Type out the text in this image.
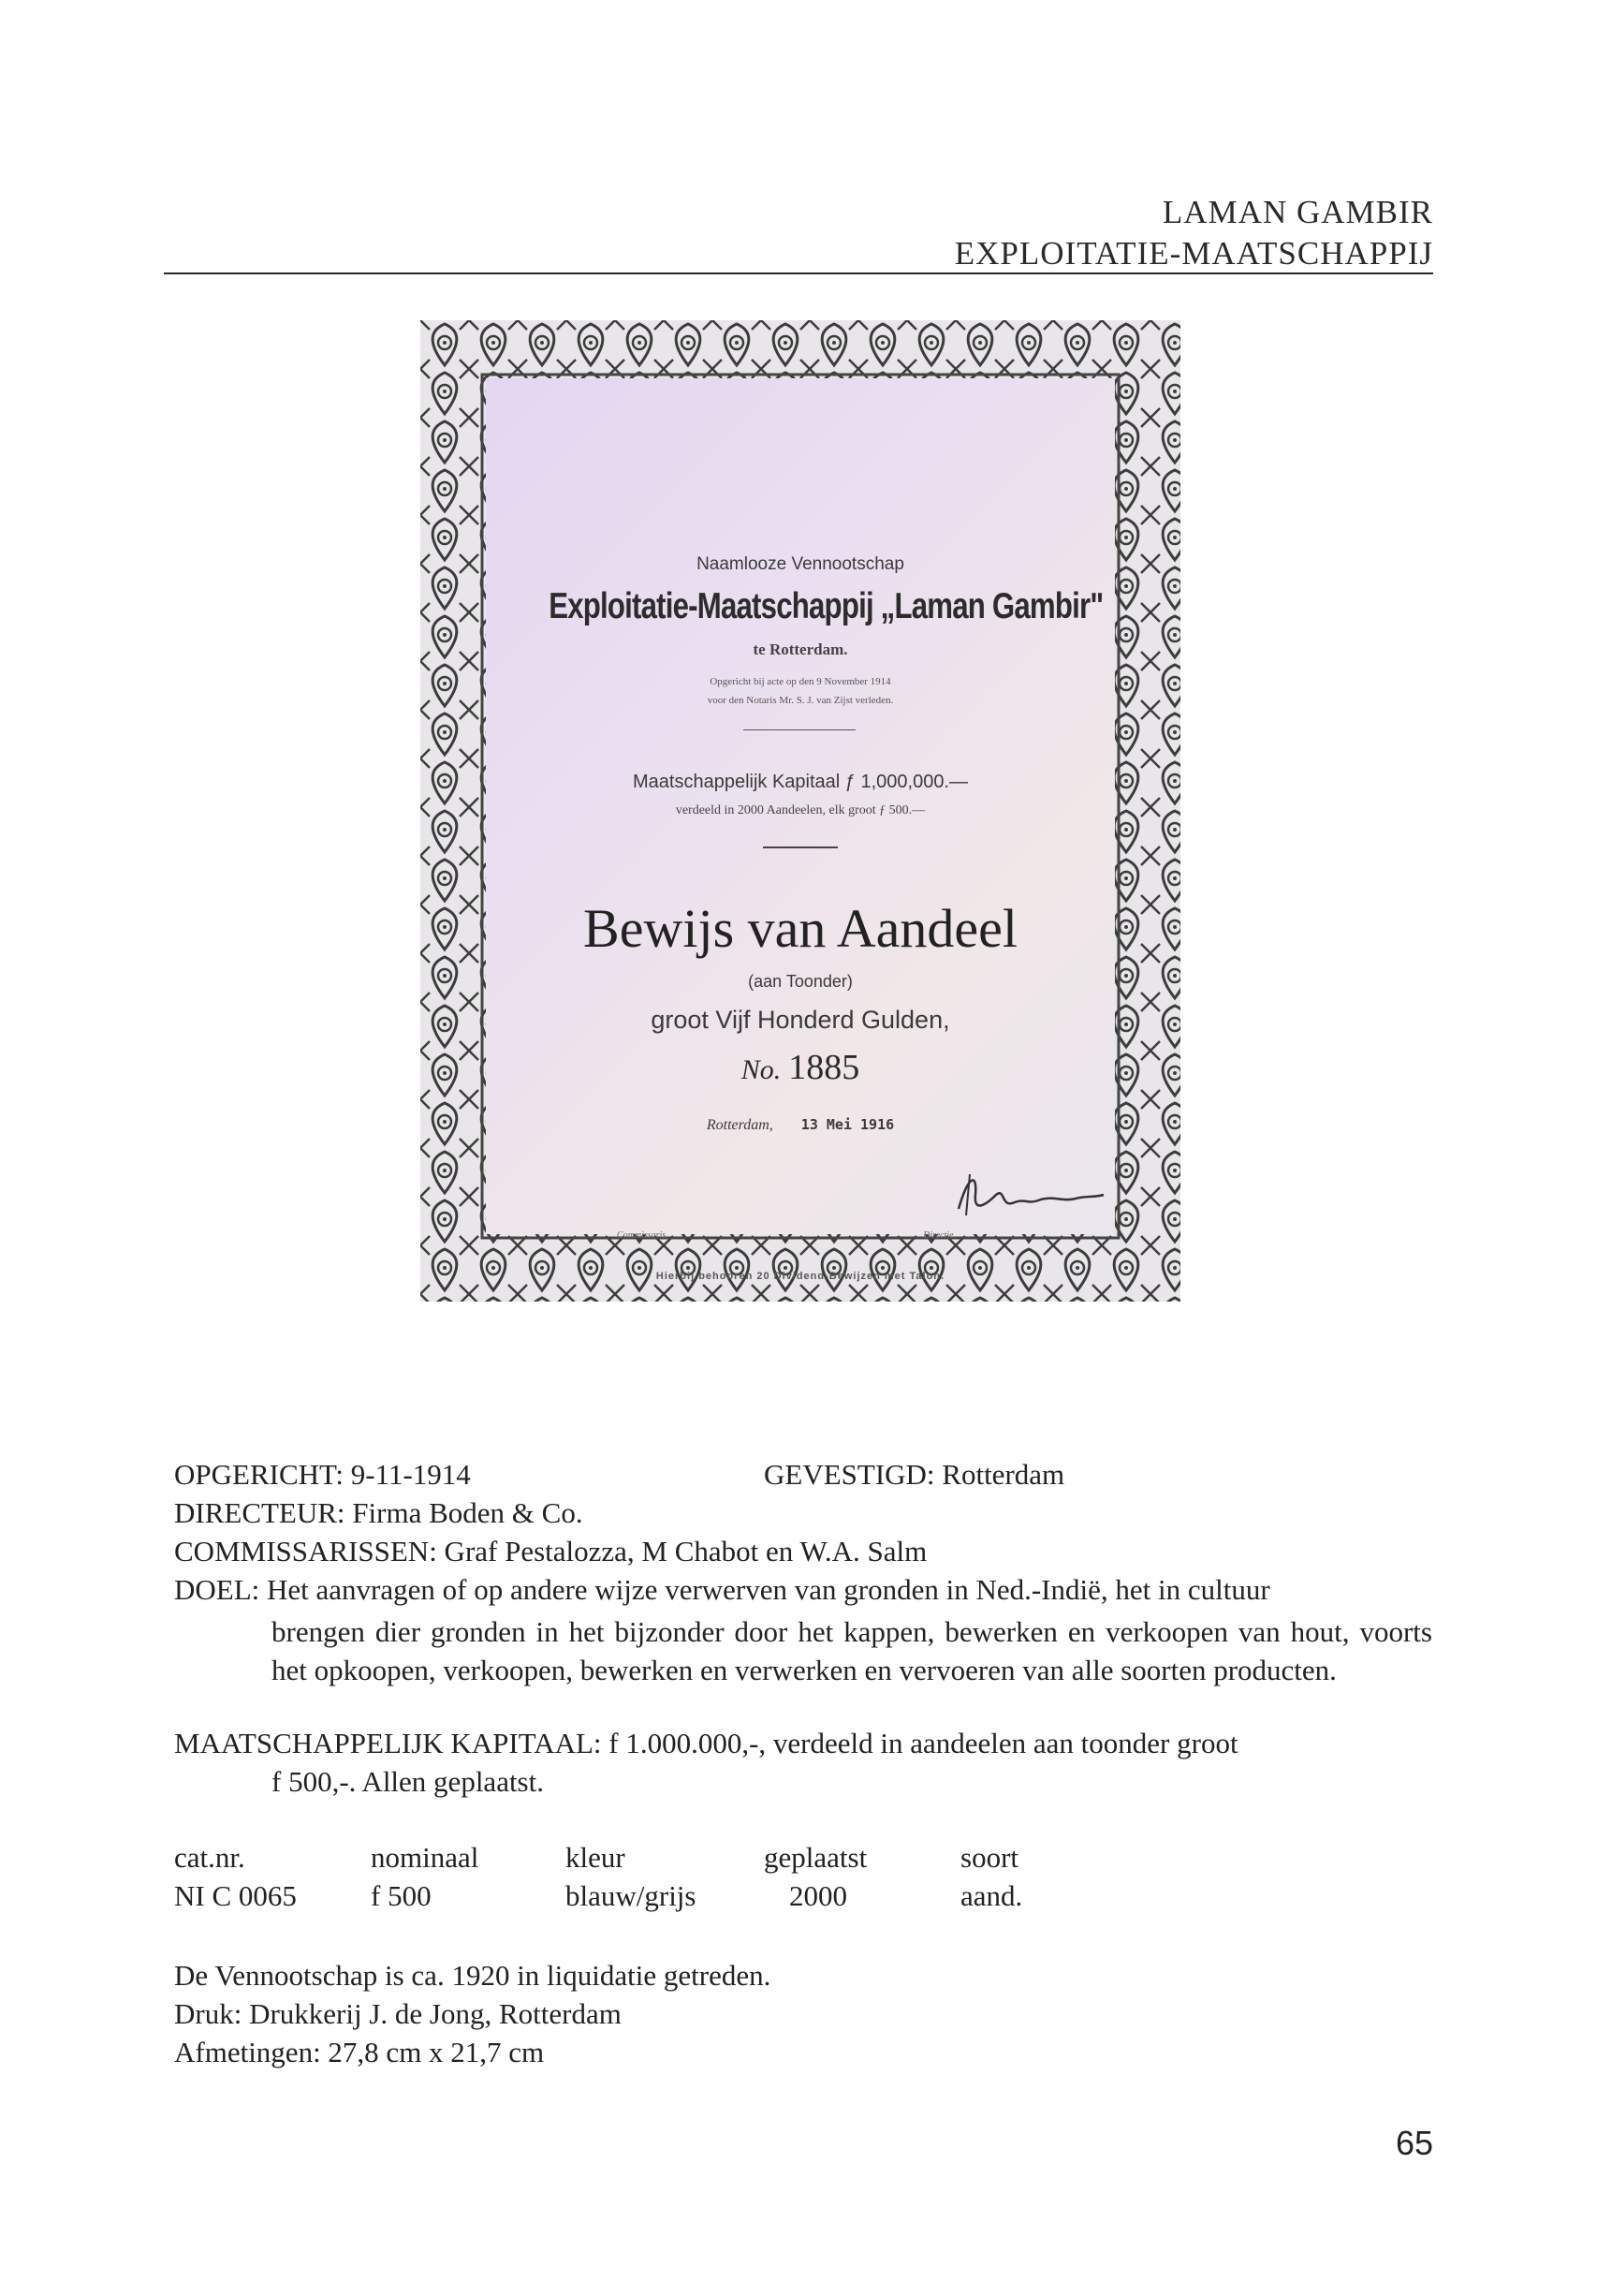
LAMAN GAMBIR
EXPLOITATIE-MAATSCHAPPIJ
Naamlooze Vennootschap
Exploitatie-Maatschappij „Laman Gambir"
te Rotterdam.
Opgericht bij acte op den 9 November 1914
voor den Notaris Mr. S. J. van Zijst verleden.
Maatschappelijk Kapitaal ƒ 1,000,000.—
verdeeld in 2000 Aandeelen, elk groot ƒ 500.—
Bewijs van Aandeel
(aan Toonder)
groot Vijf Honderd Gulden,
No. 1885
Rotterdam, 13 Mei 1916
Commissaris,	Directie.
Hierbij behooren 20 Dividend-Bewijzen met Talon.
OPGERICHT: 9-11-1914	GEVESTIGD: Rotterdam
DIRECTEUR: Firma Boden & Co.
COMMISSARISSEN: Graf Pestalozza, M Chabot en W.A. Salm
DOEL: Het aanvragen of op andere wijze verwerven van gronden in Ned.-Indië, het in cultuur
brengen dier gronden in het bijzonder door het kappen, bewerken en verkoopen van hout, voorts het opkoopen, verkoopen, bewerken en verwerken en vervoeren van alle soorten producten.
MAATSCHAPPELIJK KAPITAAL: f 1.000.000,-, verdeeld in aandeelen aan toonder groot
f 500,-. Allen geplaatst.
cat.nr.	nominaal	kleur	geplaatst	soort
NI C 0065	f 500	blauw/grijs	2000	aand.
De Vennootschap is ca. 1920 in liquidatie getreden.
Druk: Drukkerij J. de Jong, Rotterdam
Afmetingen: 27,8 cm x 21,7 cm
65
